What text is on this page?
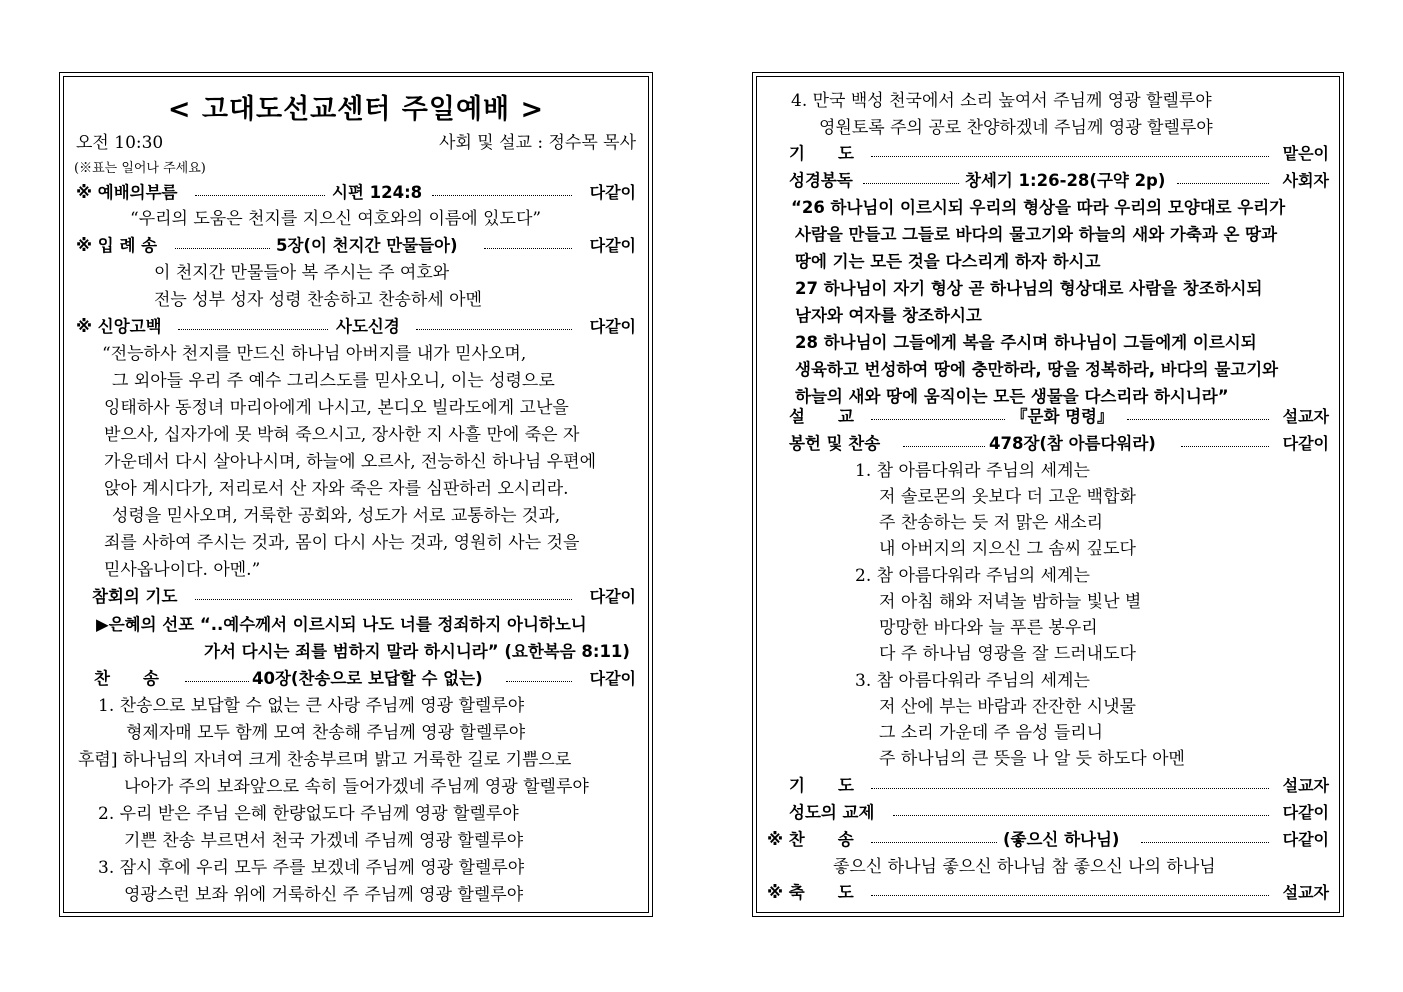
< 고대도선교센터 주일예배 >
오전 10:30	사회 및 설교 : 정수목 목사
(※표는 일어나 주세요)
※ 예배의부름	시편 124:8	다같이
“우리의 도움은 천지를 지으신 여호와의 이름에 있도다”
※ 입 례 송	5장(이 천지간 만물들아)	다같이
이 천지간 만물들아 복 주시는 주 여호와
전능 성부 성자 성령 찬송하고 찬송하세 아멘
※ 신앙고백	사도신경	다같이
“전능하사 천지를 만드신 하나님 아버지를 내가 믿사오며,
그 외아들 우리 주 예수 그리스도를 믿사오니, 이는 성령으로
잉태하사 동정녀 마리아에게 나시고, 본디오 빌라도에게 고난을
받으사, 십자가에 못 박혀 죽으시고, 장사한 지 사흘 만에 죽은 자
가운데서 다시 살아나시며, 하늘에 오르사, 전능하신 하나님 우편에
앉아 계시다가, 저리로서 산 자와 죽은 자를 심판하러 오시리라.
성령을 믿사오며, 거룩한 공회와, 성도가 서로 교통하는 것과,
죄를 사하여 주시는 것과, 몸이 다시 사는 것과, 영원히 사는 것을
믿사옵나이다. 아멘.”
참회의 기도	다같이
▶은혜의 선포 “..예수께서 이르시되 나도 너를 정죄하지 아니하노니
가서 다시는 죄를 범하지 말라 하시니라” (요한복음 8:11)
찬　　송	40장(찬송으로 보답할 수 없는)	다같이
1. 찬송으로 보답할 수 없는 큰 사랑 주님께 영광 할렐루야
형제자매 모두 함께 모여 찬송해 주님께 영광 할렐루야
후렴] 하나님의 자녀여 크게 찬송부르며 밝고 거룩한 길로 기쁨으로
나아가 주의 보좌앞으로 속히 들어가겠네 주님께 영광 할렐루야
2. 우리 받은 주님 은혜 한량없도다 주님께 영광 할렐루야
기쁜 찬송 부르면서 천국 가겠네 주님께 영광 할렐루야
3. 잠시 후에 우리 모두 주를 보겠네 주님께 영광 할렐루야
영광스런 보좌 위에 거룩하신 주 주님께 영광 할렐루야
4. 만국 백성 천국에서 소리 높여서 주님께 영광 할렐루야
영원토록 주의 공로 찬양하겠네 주님께 영광 할렐루야
기　　도	맡은이
성경봉독	창세기 1:26-28(구약 2p)	사회자
“26 하나님이 이르시되 우리의 형상을 따라 우리의 모양대로 우리가
사람을 만들고 그들로 바다의 물고기와 하늘의 새와 가축과 온 땅과
땅에 기는 모든 것을 다스리게 하자 하시고
27 하나님이 자기 형상 곧 하나님의 형상대로 사람을 창조하시되
남자와 여자를 창조하시고
28 하나님이 그들에게 복을 주시며 하나님이 그들에게 이르시되
생육하고 번성하여 땅에 충만하라, 땅을 정복하라, 바다의 물고기와
하늘의 새와 땅에 움직이는 모든 생물을 다스리라 하시니라”
설　　교	『문화 명령』	설교자
봉헌 및 찬송	478장(참 아름다워라)	다같이
1. 참 아름다워라 주님의 세계는
저 솔로몬의 옷보다 더 고운 백합화
주 찬송하는 듯 저 맑은 새소리
내 아버지의 지으신 그 솜씨 깊도다
2. 참 아름다워라 주님의 세계는
저 아침 해와 저녁놀 밤하늘 빛난 별
망망한 바다와 늘 푸른 봉우리
다 주 하나님 영광을 잘 드러내도다
3. 참 아름다워라 주님의 세계는
저 산에 부는 바람과 잔잔한 시냇물
그 소리 가운데 주 음성 들리니
주 하나님의 큰 뜻을 나 알 듯 하도다 아멘
기　　도	설교자
성도의 교제	다같이
※ 찬　　송	(좋으신 하나님)	다같이
좋으신 하나님 좋으신 하나님 참 좋으신 나의 하나님
※ 축　　도	설교자
